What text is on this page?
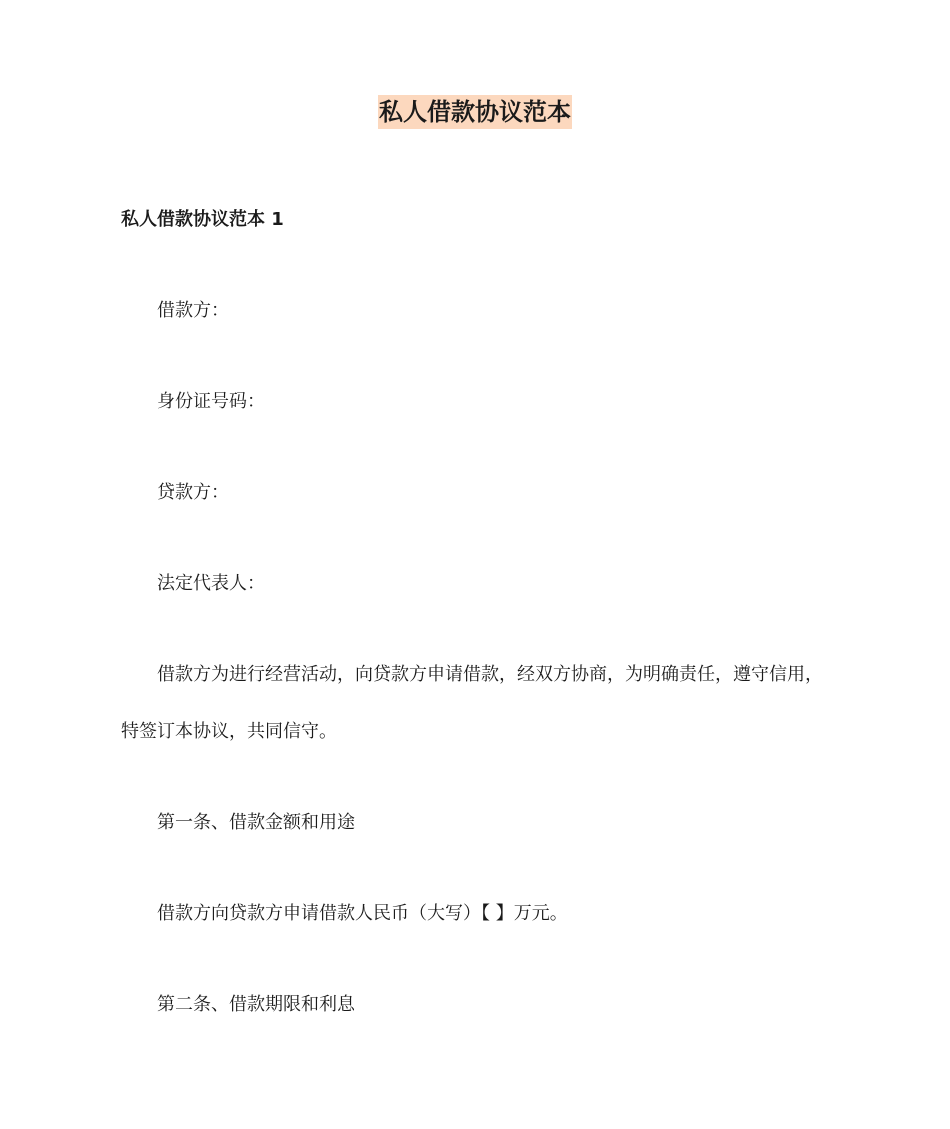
私人借款协议范本
私人借款协议范本 1
借款方：
身份证号码：
贷款方：
法定代表人：
借款方为进行经营活动，向贷款方申请借款，经双方协商，为明确责任，遵守信用，
特签订本协议，共同信守。
第一条、借款金额和用途
借款方向贷款方申请借款人民币（大写）【 】万元。
第二条、借款期限和利息
